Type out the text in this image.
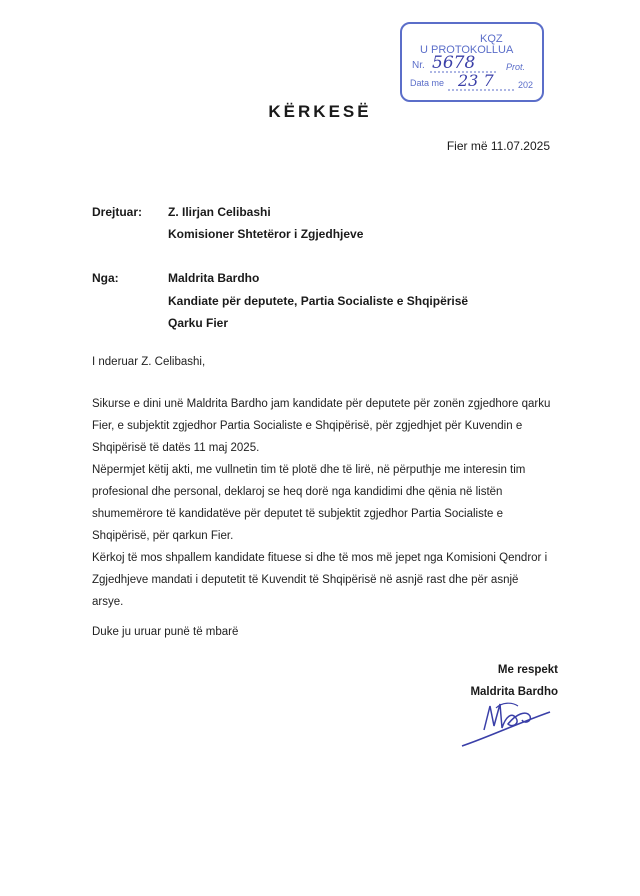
KQZ
U PROTOKOLLUA
Nr. 5678	Prot.
Data me 23 7	202
KËRKESË
Fier më 11.07.2025
Drejtuar: Z. Ilirjan Celibashi
Komisioner Shtetëror i Zgjedhjeve
Nga:	Maldrita Bardho
Kandiate për deputete, Partia Socialiste e Shqipërisë
Qarku Fier
I nderuar Z. Celibashi,

Sikurse e dini unë Maldrita Bardho jam kandidate për deputete për zonën zgjedhore qarku Fier, e subjektit zgjedhor Partia Socialiste e Shqipërisë, për zgjedhjet për Kuvendin e Shqipërisë të datës 11 maj 2025.

Nëpermjet këtij akti, me vullnetin tim të plotë dhe të lirë, në përputhje me interesin tim profesional dhe personal, deklaroj se heq dorë nga kandidimi dhe qënia në listën shumemërore të kandidatëve për deputet të subjektit zgjedhor Partia Socialiste e Shqipërisë, për qarkun Fier.

Kërkoj të mos shpallem kandidate fituese si dhe të mos më jepet nga Komisioni Qendror i Zgjedhjeve mandati i deputetit të Kuvendit të Shqipërisë në asnjë rast dhe për asnjë arsye.

Duke ju uruar punë të mbarë
Me respekt
Maldrita Bardho
